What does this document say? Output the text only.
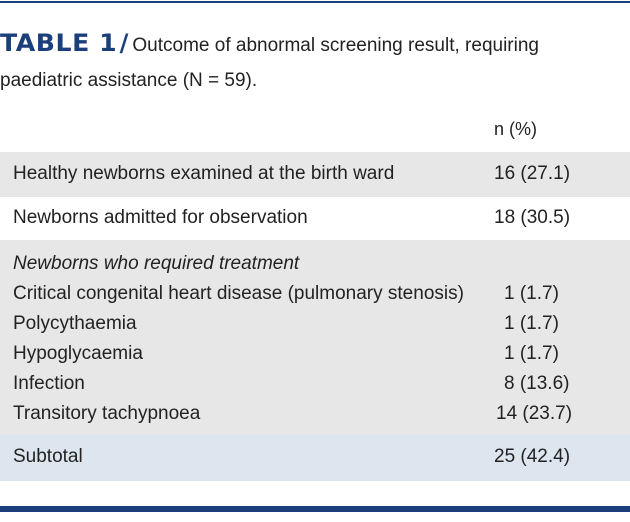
TABLE 1 / Outcome of abnormal screening result, requiring
paediatric assistance (N = 59).
n (%)
Healthy newborns examined at the birth ward	16 (27.1)
Newborns admitted for observation	18 (30.5)
Newborns who required treatment
Critical congenital heart disease (pulmonary stenosis) 1 (1.7)
Polycythaemia	1 (1.7)
Hypoglycaemia	1 (1.7)
Infection	8 (13.6)
Transitory tachypnoea	14 (23.7)
Subtotal	25 (42.4)
